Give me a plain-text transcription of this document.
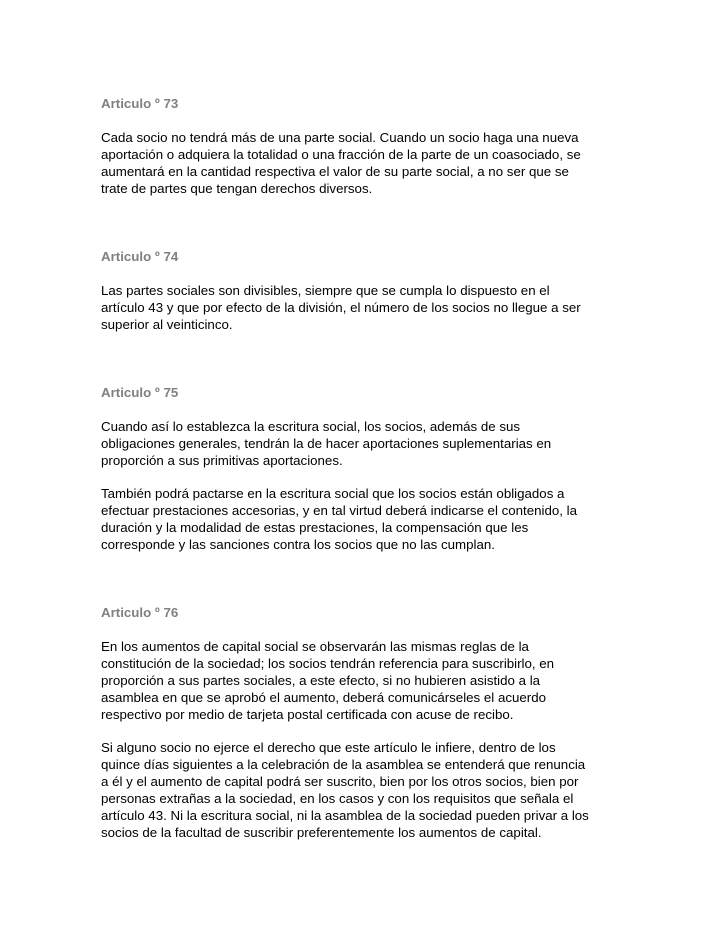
Articulo º 73

Cada socio no tendrá más de una parte social. Cuando un socio haga una nueva
aportación o adquiera la totalidad o una fracción de la parte de un coasociado, se
aumentará en la cantidad respectiva el valor de su parte social, a no ser que se
trate de partes que tengan derechos diversos.

Articulo º 74

Las partes sociales son divisibles, siempre que se cumpla lo dispuesto en el
artículo 43 y que por efecto de la división, el número de los socios no llegue a ser
superior al veinticinco.

Articulo º 75

Cuando así lo establezca la escritura social, los socios, además de sus
obligaciones generales, tendrán la de hacer aportaciones suplementarias en
proporción a sus primitivas aportaciones.

También podrá pactarse en la escritura social que los socios están obligados a
efectuar prestaciones accesorias, y en tal virtud deberá indicarse el contenido, la
duración y la modalidad de estas prestaciones, la compensación que les
corresponde y las sanciones contra los socios que no las cumplan.

Articulo º 76

En los aumentos de capital social se observarán las mismas reglas de la
constitución de la sociedad; los socios tendrán referencia para suscribirlo, en
proporción a sus partes sociales, a este efecto, si no hubieren asistido a la
asamblea en que se aprobó el aumento, deberá comunicárseles el acuerdo
respectivo por medio de tarjeta postal certificada con acuse de recibo.

Si alguno socio no ejerce el derecho que este artículo le infiere, dentro de los
quince días siguientes a la celebración de la asamblea se entenderá que renuncia
a él y el aumento de capital podrá ser suscrito, bien por los otros socios, bien por
personas extrañas a la sociedad, en los casos y con los requisitos que señala el
artículo 43. Ni la escritura social, ni la asamblea de la sociedad pueden privar a los
socios de la facultad de suscribir preferentemente los aumentos de capital.
